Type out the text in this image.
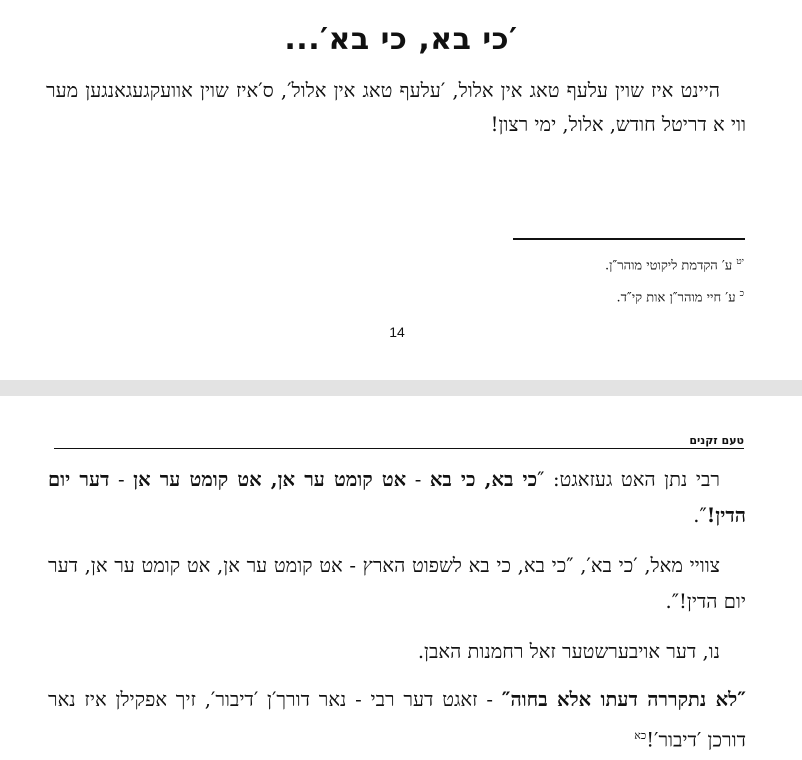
′כי בא, כי בא′...
היינט איז שוין עלעף טאג אין אלול, ′עלעף טאג אין אלול′, ס′איז שוין אוועקגעגאנגען מער ווי א דריטל חודש, אלול, ימי רצון!
$^{יט}$ע′ הקדמת ליקוטי מוהר″ן.
$^כ$ע′ חיי מוהר″ן אות קי″ד.
14
טעם זקנים
רבי נתן האט געזאגט: ″כי בא, כי בא - אט קומט ער אן, אט קומט ער אן - דער יום הדין!″.
צוויי מאל, ′כי בא′, ″כי בא, כי בא לשפוט הארץ - אט קומט ער אן, אט קומט ער אן, דער יום הדין!″.
נו, דער אויבערשטער זאל רחמנות האבן.
″לא נתקררה דעתו אלא בחוה″ - זאגט דער רבי - נאר דורך′ן ′דיבור′, זיך אפקילן איז נאר דורכן ′דיבור′!$^{כא}$
